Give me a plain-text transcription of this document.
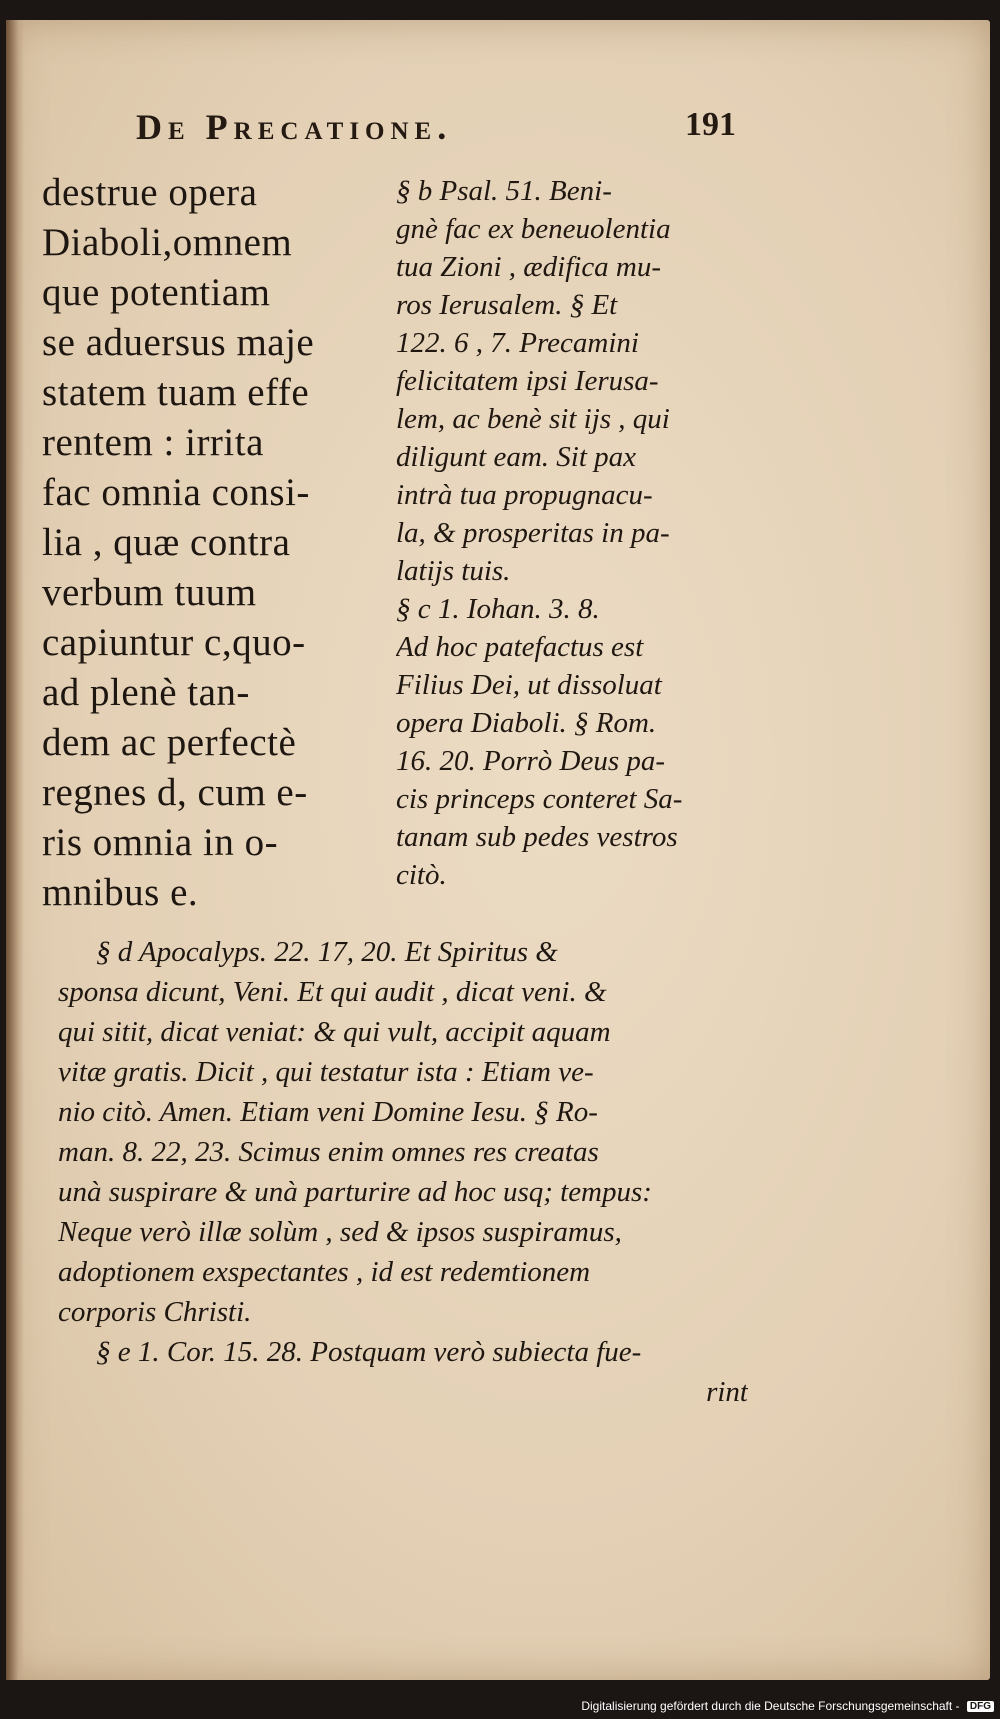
De Precatione.	191
destrue opera
Diaboli,omnem
que potentiam
se aduersus maje
statem tuam effe
rentem : irrita
fac omnia consi-
lia , quæ contra
verbum tuum
capiuntur c,quo-
ad plenè tan-
dem ac perfectè
regnes d, cum e-
ris omnia in o-
mnibus e.
§ b Psal. 51. Beni-
gnè fac ex beneuolentia
tua Zioni , ædifica mu-
ros Ierusalem. § Et
122. 6 , 7. Precamini
felicitatem ipsi Ierusa-
lem, ac benè sit ijs , qui
diligunt eam. Sit pax
intrà tua propugnacu-
la, & prosperitas in pa-
latijs tuis.
§ c 1. Iohan. 3. 8.
Ad hoc patefactus est
Filius Dei, ut dissoluat
opera Diaboli. § Rom.
16. 20. Porrò Deus pa-
cis princeps conteret Sa-
tanam sub pedes vestros
citò.
§ d Apocalyps. 22. 17, 20. Et Spiritus &
sponsa dicunt, Veni. Et qui audit , dicat veni. &
qui sitit, dicat veniat: & qui vult, accipit aquam
vitæ gratis. Dicit , qui testatur ista : Etiam ve-
nio citò. Amen. Etiam veni Domine Iesu. § Ro-
man. 8. 22, 23. Scimus enim omnes res creatas
unà suspirare & unà parturire ad hoc usq; tempus:
Neque verò illæ solùm , sed & ipsos suspiramus,
adoptionem exspectantes , id est redemtionem
corporis Christi.
§ e 1. Cor. 15. 28. Postquam verò subiecta fue-
rint
Digitalisierung gefördert durch die Deutsche Forschungsgemeinschaft - DFG
